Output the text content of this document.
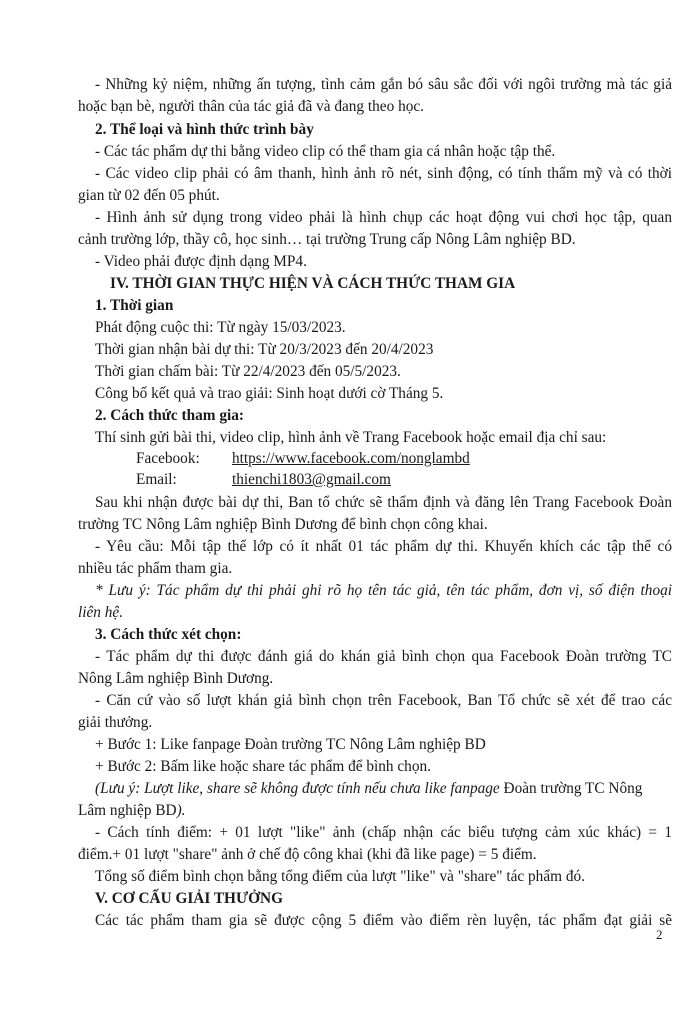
- Những kỷ niệm, những ấn tượng, tình cảm gắn bó sâu sắc đối với ngôi trường mà tác giả
hoặc bạn bè, người thân của tác giả đã và đang theo học.
2. Thể loại và hình thức trình bày
- Các tác phẩm dự thi bằng video clip có thể tham gia cá nhân hoặc tập thể.
- Các video clip phải có âm thanh, hình ảnh rõ nét, sinh động, có tính thẩm mỹ và có thời
gian từ 02 đến 05 phút.
- Hình ảnh sử dụng trong video phải là hình chụp các hoạt động vui chơi học tập, quan
cảnh trường lớp, thầy cô, học sinh… tại trường Trung cấp Nông Lâm nghiệp BD.
- Video phải được định dạng MP4.
IV. THỜI GIAN THỰC HIỆN VÀ CÁCH THỨC THAM GIA
1. Thời gian
Phát động cuộc thi: Từ ngày 15/03/2023.
Thời gian nhận bài dự thi: Từ 20/3/2023 đến 20/4/2023
Thời gian chấm bài: Từ 22/4/2023 đến 05/5/2023.
Công bố kết quả và trao giải: Sinh hoạt dưới cờ Tháng 5.
2. Cách thức tham gia:
Thí sinh gửi bài thi, video clip, hình ảnh về Trang Facebook hoặc email địa chỉ sau:
Facebook: https://www.facebook.com/nonglambd
Email:	thienchi1803@gmail.com
Sau khi nhận được bài dự thi, Ban tổ chức sẽ thẩm định và đăng lên Trang Facebook Đoàn
trường TC Nông Lâm nghiệp Bình Dương để bình chọn công khai.
- Yêu cầu: Mỗi tập thể lớp có ít nhất 01 tác phẩm dự thi. Khuyến khích các tập thể có
nhiều tác phẩm tham gia.
* Lưu ý: Tác phẩm dự thi phải ghi rõ họ tên tác giả, tên tác phẩm, đơn vị, số điện thoại
liên hệ.
3. Cách thức xét chọn:
- Tác phẩm dự thi được đánh giá do khán giả bình chọn qua Facebook Đoàn trường TC
Nông Lâm nghiệp Bình Dương.
- Căn cứ vào số lượt khán giả bình chọn trên Facebook, Ban Tổ chức sẽ xét để trao các
giải thưởng.
+ Bước 1: Like fanpage Đoàn trường TC Nông Lâm nghiệp BD
+ Bước 2: Bấm like hoặc share tác phẩm để bình chọn.
(Lưu ý: Lượt like, share sẽ không được tính nếu chưa like fanpage Đoàn trường TC Nông
Lâm nghiệp BD).
- Cách tính điểm: + 01 lượt "like" ảnh (chấp nhận các biểu tượng cảm xúc khác) = 1
điểm.+ 01 lượt "share" ảnh ở chế độ công khai (khi đã like page) = 5 điểm.
Tổng số điểm bình chọn bằng tổng điểm của lượt "like" và "share" tác phẩm đó.
V. CƠ CẤU GIẢI THƯỞNG
Các tác phẩm tham gia sẽ được cộng 5 điểm vào điểm rèn luyện, tác phẩm đạt giải sẽ
2
